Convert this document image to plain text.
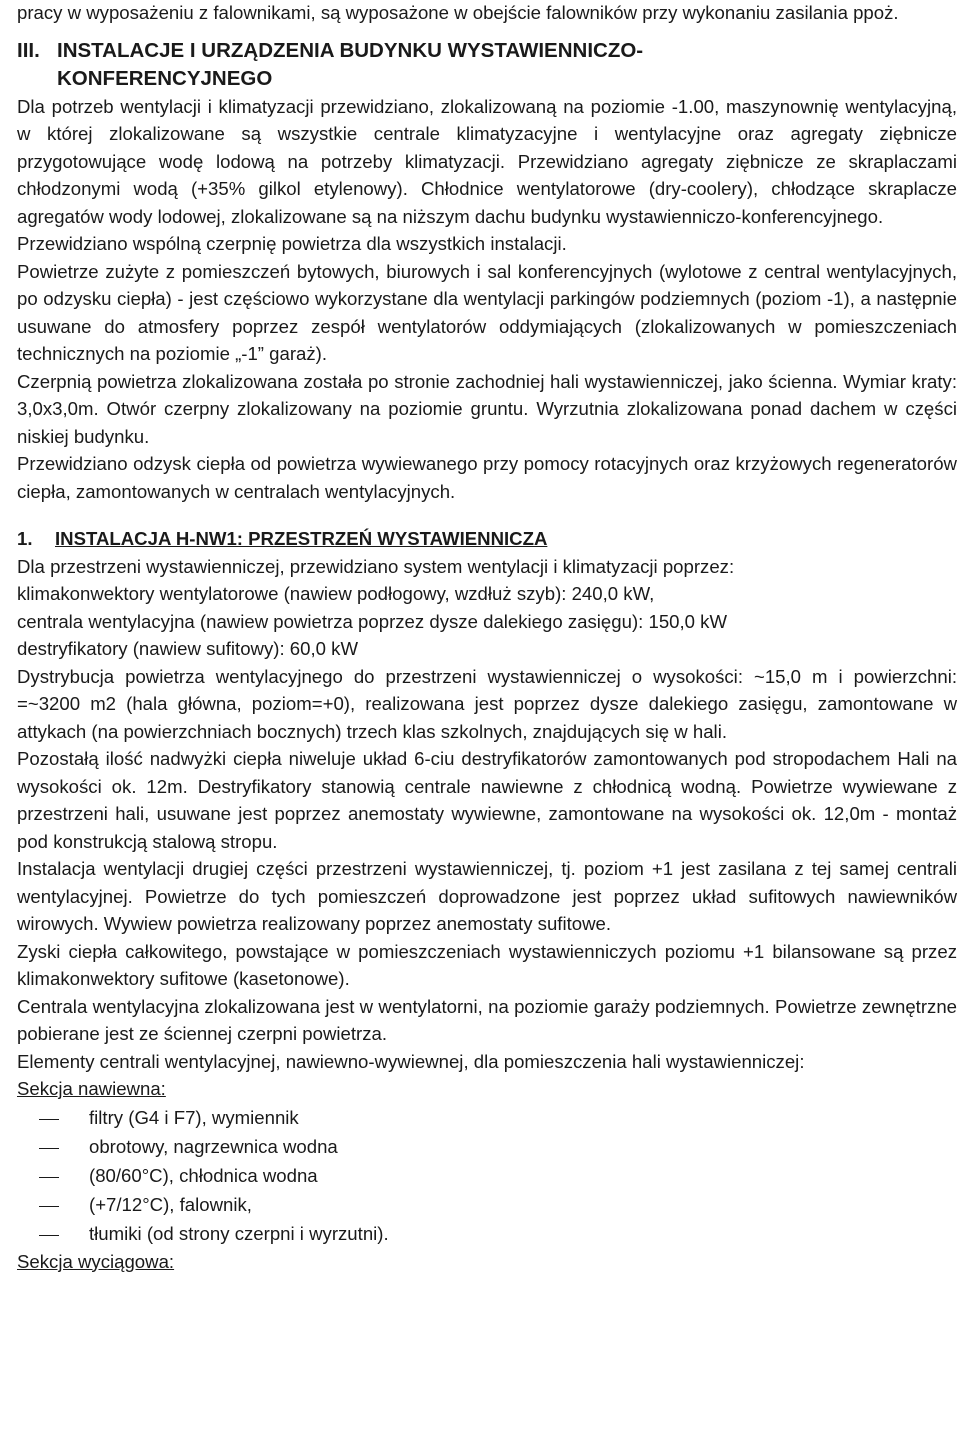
pracy w wyposażeniu z falownikami, są wyposażone w obejście falowników przy wykonaniu zasilania ppoż.

III. INSTALACJE I URZĄDZENIA BUDYNKU WYSTAWIENNICZO-KONFERENCYJNEGO

Dla potrzeb wentylacji i klimatyzacji przewidziano, zlokalizowaną na poziomie -1.00, maszynownię wentylacyjną, w której zlokalizowane są wszystkie centrale klimatyzacyjne i wentylacyjne oraz agregaty ziębnicze przygotowujące wodę lodową na potrzeby klimatyzacji. Przewidziano agregaty ziębnicze ze skraplaczami chłodzonymi wodą (+35% gilkol etylenowy). Chłodnice wentylatorowe (dry-coolery), chłodzące skraplacze agregatów wody lodowej, zlokalizowane są na niższym dachu budynku wystawienniczo-konferencyjnego.

Przewidziano wspólną czerpnię powietrza dla wszystkich instalacji.

Powietrze zużyte z pomieszczeń bytowych, biurowych i sal konferencyjnych (wylotowe z central wentylacyjnych, po odzysku ciepła) - jest częściowo wykorzystane dla wentylacji parkingów podziemnych (poziom -1), a następnie usuwane do atmosfery poprzez zespół wentylatorów oddymiających (zlokalizowanych w pomieszczeniach technicznych na poziomie „-1” garaż).

Czerpnią powietrza zlokalizowana została po stronie zachodniej hali wystawienniczej, jako ścienna. Wymiar kraty: 3,0x3,0m. Otwór czerpny zlokalizowany na poziomie gruntu. Wyrzutnia zlokalizowana ponad dachem w części niskiej budynku.

Przewidziano odzysk ciepła od powietrza wywiewanego przy pomocy rotacyjnych oraz krzyżowych regeneratorów ciepła, zamontowanych w centralach wentylacyjnych.

1.	INSTALACJA H-NW1: PRZESTRZEŃ WYSTAWIENNICZA

Dla przestrzeni wystawienniczej, przewidziano system wentylacji i klimatyzacji poprzez:

klimakonwektory wentylatorowe (nawiew podłogowy, wzdłuż szyb): 240,0 kW,

centrala wentylacyjna (nawiew powietrza poprzez dysze dalekiego zasięgu): 150,0 kW

destryfikatory (nawiew sufitowy): 60,0 kW

Dystrybucja powietrza wentylacyjnego do przestrzeni wystawienniczej o wysokości: ~15,0 m i powierzchni: =~3200 m2 (hala główna, poziom=+0), realizowana jest poprzez dysze dalekiego zasięgu, zamontowane w attykach (na powierzchniach bocznych) trzech klas szkolnych, znajdujących się w hali.

Pozostałą ilość nadwyżki ciepła niweluje układ 6-ciu destryfikatorów zamontowanych pod stropodachem Hali na wysokości ok. 12m. Destryfikatory stanowią centrale nawiewne z chłodnicą wodną. Powietrze wywiewane z przestrzeni hali, usuwane jest poprzez anemostaty wywiewne, zamontowane na wysokości ok. 12,0m - montaż pod konstrukcją stalową stropu.

Instalacja wentylacji drugiej części przestrzeni wystawienniczej, tj. poziom +1 jest zasilana z tej samej centrali wentylacyjnej. Powietrze do tych pomieszczeń doprowadzone jest poprzez układ sufitowych nawiewników wirowych. Wywiew powietrza realizowany poprzez anemostaty sufitowe.

Zyski ciepła całkowitego, powstające w pomieszczeniach wystawienniczych poziomu +1 bilansowane są przez klimakonwektory sufitowe (kasetonowe).

Centrala wentylacyjna zlokalizowana jest w wentylatorni, na poziomie garaży podziemnych. Powietrze zewnętrzne pobierane jest ze ściennej czerpni powietrza.

Elementy centrali wentylacyjnej, nawiewno-wywiewnej, dla pomieszczenia hali wystawienniczej:

Sekcja nawiewna:

filtry (G4 i F7), wymiennik
obrotowy, nagrzewnica wodna
(80/60°C), chłodnica wodna
(+7/12°C), falownik,
tłumiki (od strony czerpni i wyrzutni).

Sekcja wyciągowa:
